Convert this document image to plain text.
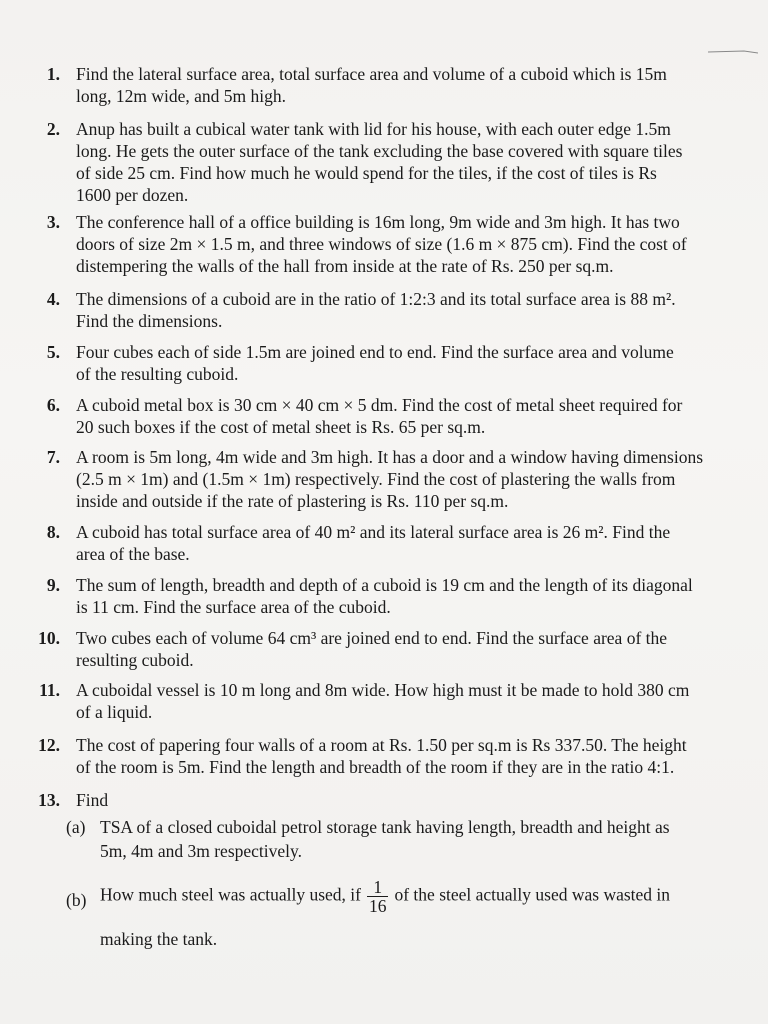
1. Find the lateral surface area, total surface area and volume of a cuboid which is 15m
long, 12m wide, and 5m high.
2. Anup has built a cubical water tank with lid for his house, with each outer edge 1.5m
long. He gets the outer surface of the tank excluding the base covered with square tiles
of side 25 cm. Find how much he would spend for the tiles, if the cost of tiles is Rs
1600 per dozen.
3. The conference hall of a office building is 16m long, 9m wide and 3m high. It has two
doors of size 2m × 1.5 m, and three windows of size (1.6 m × 875 cm). Find the cost of
distempering the walls of the hall from inside at the rate of Rs. 250 per sq.m.
4. The dimensions of a cuboid are in the ratio of 1:2:3 and its total surface area is 88 m².
Find the dimensions.
5. Four cubes each of side 1.5m are joined end to end. Find the surface area and volume
of the resulting cuboid.
6. A cuboid metal box is 30 cm × 40 cm × 5 dm. Find the cost of metal sheet required for
20 such boxes if the cost of metal sheet is Rs. 65 per sq.m.
7. A room is 5m long, 4m wide and 3m high. It has a door and a window having dimensions
(2.5 m × 1m) and (1.5m × 1m) respectively. Find the cost of plastering the walls from
inside and outside if the rate of plastering is Rs. 110 per sq.m.
8. A cuboid has total surface area of 40 m² and its lateral surface area is 26 m². Find the
area of the base.
9. The sum of length, breadth and depth of a cuboid is 19 cm and the length of its diagonal
is 11 cm. Find the surface area of the cuboid.
10. Two cubes each of volume 64 cm³ are joined end to end. Find the surface area of the
resulting cuboid.
11. A cuboidal vessel is 10 m long and 8m wide. How high must it be made to hold 380 cm
of a liquid.
12. The cost of papering four walls of a room at Rs. 1.50 per sq.m is Rs 337.50. The height
of the room is 5m. Find the length and breadth of the room if they are in the ratio 4:1.
13. Find
(a) TSA of a closed cuboidal petrol storage tank having length, breadth and height as
5m, 4m and 3m respectively.
(b) How much steel was actually used, if $\frac{1}{16}$ of the steel actually used was wasted in
making the tank.
